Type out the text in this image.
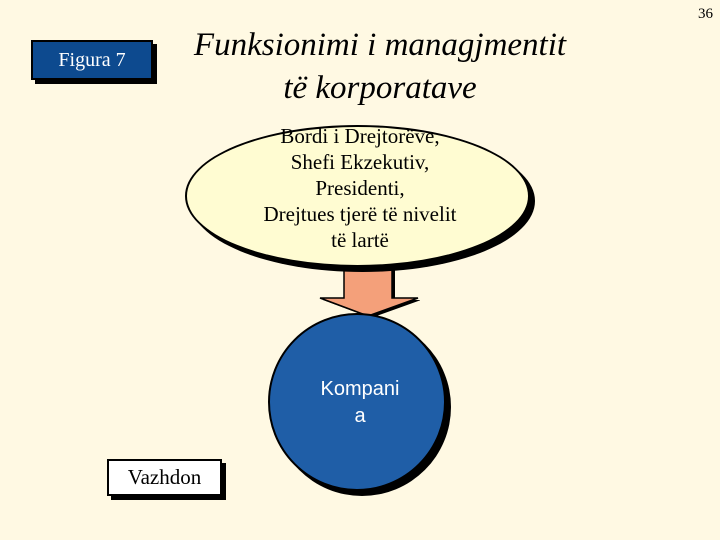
36
Figura 7	Funksionimi i managjmentit të korporatave
Bordi i Drejtorëve,
Shefi Ekzekutiv,
Presidenti,
Drejtues tjerë të nivelit
të lartë
Kompani
a
Vazhdon
